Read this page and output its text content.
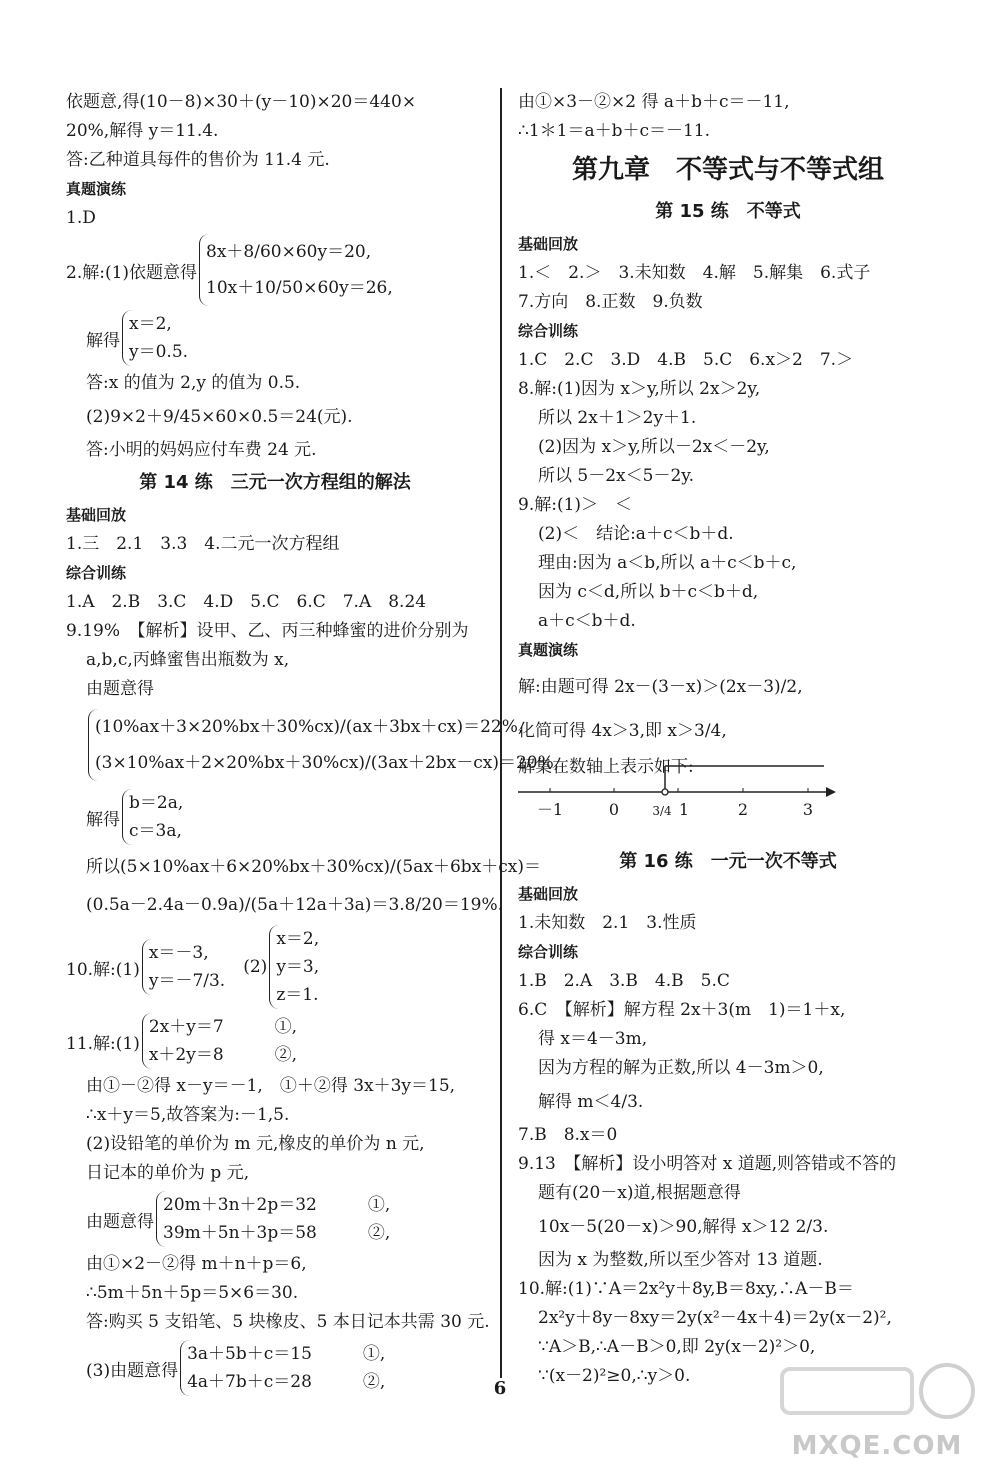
依题意,得(10－8)×30＋(y－10)×20＝440×
20%,解得 y＝11.4.
答:乙种道具每件的售价为 11.4 元.
真题演练
1.D
2.解:(1)依题意得
8x＋8/60×60y＝20,
10x＋10/50×60y＝26,
解得
x＝2,
y＝0.5.
答:x 的值为 2,y 的值为 0.5.
(2)9×2＋9/45×60×0.5＝24(元).
答:小明的妈妈应付车费 24 元.
第 14 练　三元一次方程组的解法
基础回放
1.三　2.1　3.3　4.二元一次方程组
综合训练
1.A　2.B　3.C　4.D　5.C　6.C　7.A　8.24
9.19%　【解析】设甲、乙、丙三种蜂蜜的进价分别为
a,b,c,丙蜂蜜售出瓶数为 x,
由题意得
(10%ax＋3×20%bx＋30%cx)/(ax＋3bx＋cx)＝22%,
(3×10%ax＋2×20%bx＋30%cx)/(3ax＋2bx－cx)＝20%,
解得
b＝2a,
c＝3a,
所以(5×10%ax＋6×20%bx＋30%cx)/(5ax＋6bx＋cx)＝
(0.5a－2.4a－0.9a)/(5a＋12a＋3a)＝3.8/20＝19%.
10.解:(1)
x＝－3,
y＝－7/3.
(2)
x＝2,
y＝3,
z＝1.
11.解:(1)
2x＋y＝7　　　①,
x＋2y＝8　　　②,
由①－②得 x－y＝－1,　①＋②得 3x＋3y＝15,
∴x＋y＝5,故答案为:－1,5.
(2)设铅笔的单价为 m 元,橡皮的单价为 n 元,
日记本的单价为 p 元,
由题意得
20m＋3n＋2p＝32　　　①,
39m＋5n＋3p＝58　　　②,
由①×2－②得 m＋n＋p＝6,
∴5m＋5n＋5p＝5×6＝30.
答:购买 5 支铅笔、5 块橡皮、5 本日记本共需 30 元.
(3)由题意得
3a＋5b＋c＝15　　　①,
4a＋7b＋c＝28　　　②,
由①×3－②×2 得 a＋b＋c＝－11,
∴1＊1＝a＋b＋c＝－11.
第九章　不等式与不等式组
第 15 练　不等式
基础回放
1.＜　2.＞　3.未知数　4.解　5.解集　6.式子
7.方向　8.正数　9.负数
综合训练
1.C　2.C　3.D　4.B　5.C　6.x＞2　7.＞
8.解:(1)因为 x＞y,所以 2x＞2y,
所以 2x＋1＞2y＋1.
(2)因为 x＞y,所以－2x＜－2y,
所以 5－2x＜5－2y.
9.解:(1)＞　＜
(2)＜　结论:a＋c＜b＋d.
理由:因为 a＜b,所以 a＋c＜b＋c,
因为 c＜d,所以 b＋c＜b＋d,
a＋c＜b＋d.
真题演练
解:由题可得 2x－(3－x)＞(2x－3)/2,
化简可得 4x＞3,即 x＞3/4,
解集在数轴上表示如下:
第 16 练　一元一次不等式
基础回放
1.未知数　2.1　3.性质
综合训练
1.B　2.A　3.B　4.B　5.C
6.C　【解析】解方程 2x＋3(m　1)＝1＋x,
得 x＝4－3m,
因为方程的解为正数,所以 4－3m＞0,
解得 m＜4/3.
7.B　8.x＝0
9.13　【解析】设小明答对 x 道题,则答错或不答的
题有(20－x)道,根据题意得
10x－5(20－x)＞90,解得 x＞12 2/3.
因为 x 为整数,所以至少答对 13 道题.
10.解:(1)∵A＝2x²y＋8y,B＝8xy,∴A－B＝
2x²y＋8y－8xy＝2y(x²－4x＋4)＝2y(x－2)²,
∵A＞B,∴A－B＞0,即 2y(x－2)²＞0,
∵(x－2)²≥0,∴y＞0.
－1	0	3/4 1	2	3
6
MXQE.COM
